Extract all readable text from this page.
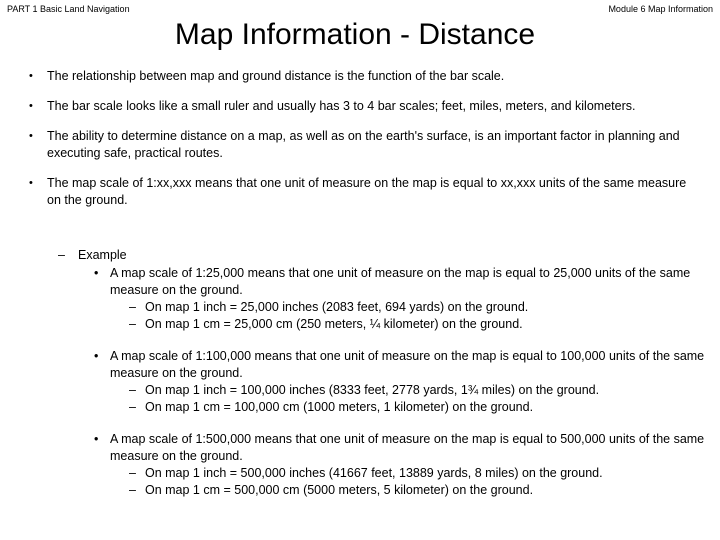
PART 1 Basic Land Navigation	Module 6 Map Information
Map Information - Distance
• The relationship between map and ground distance is the function of the bar scale.
• The bar scale looks like a small ruler and usually has 3 to 4 bar scales; feet, miles, meters, and kilometers.
• The ability to determine distance on a map, as well as on the earth's surface, is an important factor in planning and executing safe, practical routes.
• The map scale of 1:xx,xxx means that one unit of measure on the map is equal to xx,xxx units of the same measure on the ground.
– Example
• A map scale of 1:25,000 means that one unit of measure on the map is equal to 25,000 units of the same measure on the ground.
– On map 1 inch = 25,000 inches (2083 feet, 694 yards) on the ground.
– On map 1 cm = 25,000 cm (250 meters, ¼ kilometer) on the ground.
• A map scale of 1:100,000 means that one unit of measure on the map is equal to 100,000 units of the same measure on the ground.
– On map 1 inch = 100,000 inches (8333 feet, 2778 yards, 1¾ miles) on the ground.
– On map 1 cm = 100,000 cm (1000 meters, 1 kilometer) on the ground.
• A map scale of 1:500,000 means that one unit of measure on the map is equal to 500,000 units of the same measure on the ground.
– On map 1 inch = 500,000 inches (41667 feet, 13889 yards, 8 miles) on the ground.
– On map 1 cm = 500,000 cm (5000 meters, 5 kilometer) on the ground.
